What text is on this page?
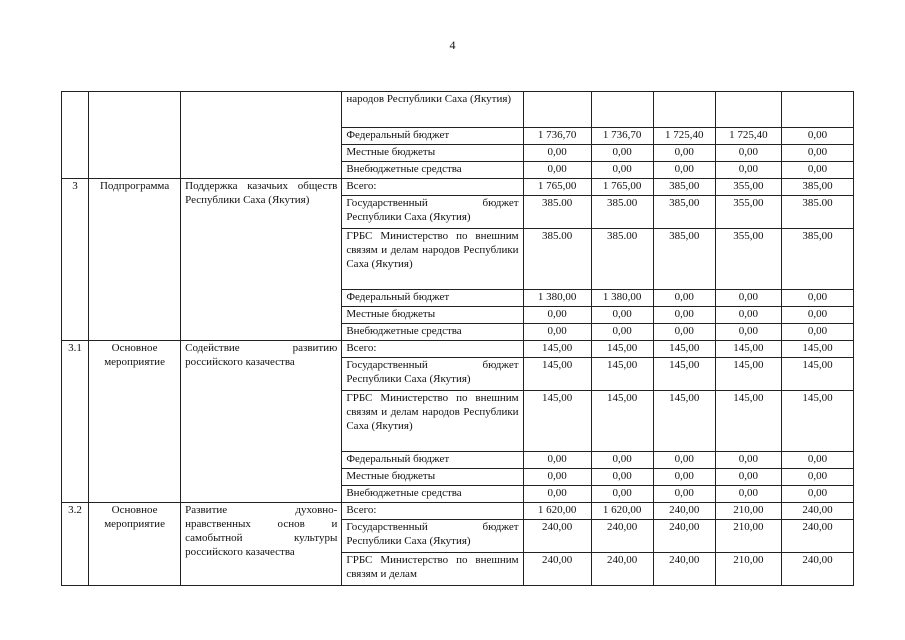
4
			народов Республики Саха (Якутия)					
			Федеральный бюджет	1 736,70	1 736,70	1 725,40	1 725,40	0,00
			Местные бюджеты	0,00	0,00	0,00	0,00	0,00
			Внебюджетные средства	0,00	0,00	0,00	0,00	0,00
3	Подпрограмма	Поддержка казачьих обществ Республики Саха (Якутия)	Всего:	1 765,00	1 765,00	385,00	355,00	385,00
			Государственный бюджет Республики Саха (Якутия)	385.00	385.00	385,00	355,00	385.00
			ГРБС Министерство по внешним связям и делам народов Республики Саха (Якутия)	385.00	385.00	385,00	355,00	385,00
			Федеральный бюджет	1 380,00	1 380,00	0,00	0,00	0,00
			Местные бюджеты	0,00	0,00	0,00	0,00	0,00
			Внебюджетные средства	0,00	0,00	0,00	0,00	0,00
3.1	Основное мероприятие	Содействие развитию российского казачества	Всего:	145,00	145,00	145,00	145,00	145,00
			Государственный бюджет Республики Саха (Якутия)	145,00	145,00	145,00	145,00	145,00
			ГРБС Министерство по внешним связям и делам народов Республики Саха (Якутия)	145,00	145,00	145,00	145,00	145,00
			Федеральный бюджет	0,00	0,00	0,00	0,00	0,00
			Местные бюджеты	0,00	0,00	0,00	0,00	0,00
			Внебюджетные средства	0,00	0,00	0,00	0,00	0,00
3.2	Основное мероприятие	Развитие духовно-нравственных основ и самобытной культуры российского казачества	Всего:	1 620,00	1 620,00	240,00	210,00	240,00
			Государственный бюджет Республики Саха (Якутия)	240,00	240,00	240,00	210,00	240,00
			ГРБС Министерство по внешним связям и делам	240,00	240,00	240,00	210,00	240,00
